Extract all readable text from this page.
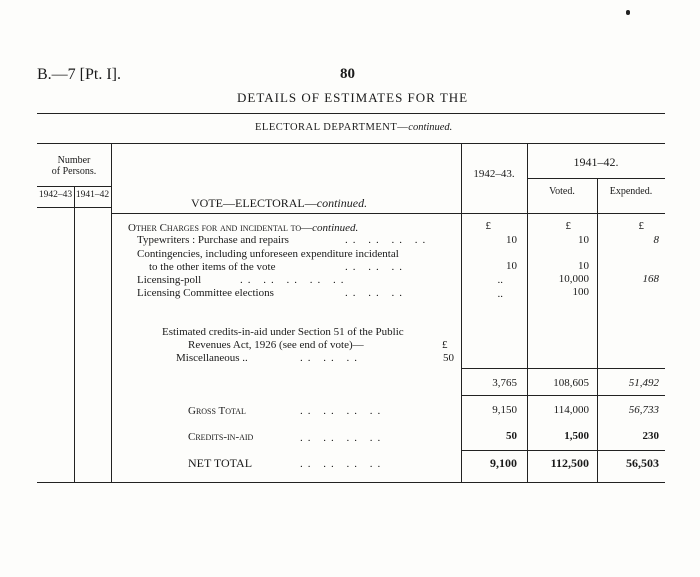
B.—7 [Pt. I].	80
DETAILS OF ESTIMATES FOR THE
ELECTORAL DEPARTMENT—continued.
Number
of Persons.
1942–43 1941–42
VOTE—ELECTORAL—continued.
1942–43.
1941–42.
Voted.	Expended.
Other Charges for and incidental to—continued.	£	£	£
Typewriters : Purchase and repairs	.. .. .. ..	10	10	8
Contingencies, including unforeseen expenditure incidental
to the other items of the vote	.. .. ..	10	10
Licensing-poll	.. .. .. .. ..	..	10,000	168
Licensing Committee elections	.. .. ..	..	100
Estimated credits-in-aid under Section 51 of the Public
Revenues Act, 1926 (see end of vote)—	£
Miscellaneous ..	.. .. ..	50
3,765	108,605	51,492
Gross Total	.. .. .. ..	9,150	114,000	56,733
Credits-in-aid	.. .. .. ..	50	1,500	230
NET TOTAL	.. .. .. ..	9,100	112,500	56,503
